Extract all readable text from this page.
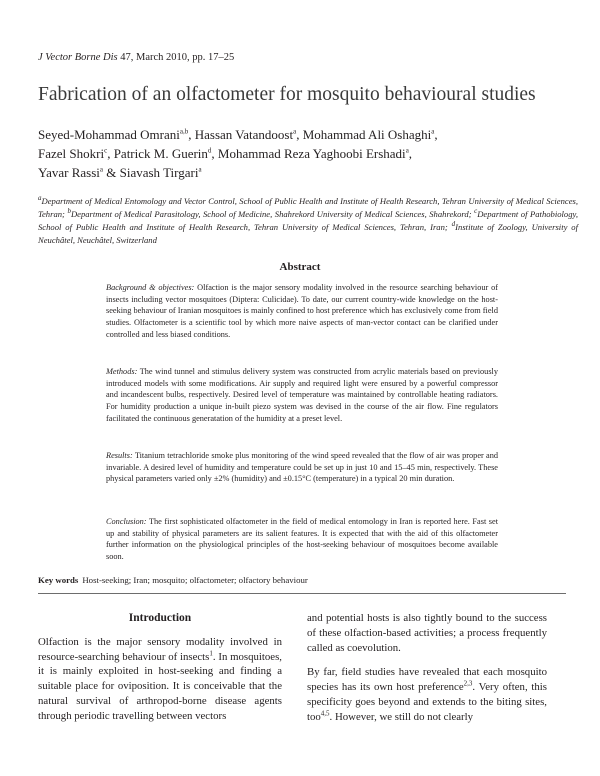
J Vector Borne Dis 47, March 2010, pp. 17–25
Fabrication of an olfactometer for mosquito behavioural studies
Seyed-Mohammad Omrani$^{a,b}$, Hassan Vatandoost$^a$, Mohammad Ali Oshaghi$^a$,
Fazel Shokri$^c$, Patrick M. Guerin$^d$, Mohammad Reza Yaghoobi Ershadi$^a$,
Yavar Rassi$^a$ & Siavash Tirgari$^a$
$^a$Department of Medical Entomology and Vector Control, School of Public Health and Institute of Health Research, Tehran University of Medical Sciences, Tehran; $^b$Department of Medical Parasitology, School of Medicine, Shahrekord University of Medical Sciences, Shahrekord; $^c$Department of Pathobiology, School of Public Health and Institute of Health Research, Tehran University of Medical Sciences, Tehran, Iran; $^d$Institute of Zoology, University of Neuchâtel, Neuchâtel, Switzerland
Abstract
Background & objectives: Olfaction is the major sensory modality involved in the resource searching behaviour of insects including vector mosquitoes (Diptera: Culicidae). To date, our current country-wide knowledge on the host-seeking behaviour of Iranian mosquitoes is mainly confined to host preference which has exclusively come from field studies. Olfactometer is a scientific tool by which more naive aspects of man-vector contact can be clarified under controlled and less biased conditions.
Methods: The wind tunnel and stimulus delivery system was constructed from acrylic materials based on previously introduced models with some modifications. Air supply and required light were ensured by a powerful compressor and incandescent bulbs, respectively. Desired level of temperature was maintained by controllable heating radiators. For humidity production a unique in-built piezo system was devised in the course of the air flow. Fine regulators facilitated the continuous generatation of the humidity at a preset level.
Results: Titanium tetrachloride smoke plus monitoring of the wind speed revealed that the flow of air was proper and invariable. A desired level of humidity and temperature could be set up in just 10 and 15–45 min, respectively. These physical parameters varied only ±2% (humidity) and ±0.15°C (temperature) in a typical 20 min duration.
Conclusion: The first sophisticated olfactometer in the field of medical entomology in Iran is reported here. Fast set up and stability of physical parameters are its salient features. It is expected that with the aid of this olfactometer further information on the physiological principles of the host-seeking behaviour of mosquitoes become available soon.
Key words Host-seeking; Iran; mosquito; olfactometer; olfactory behaviour
Introduction

Olfaction is the major sensory modality involved in resource-searching behaviour of insects$^1$. In mosquitoes, it is mainly exploited in host-seeking and finding a suitable place for oviposition. It is conceivable that the natural survival of arthropod-borne disease agents through periodic travelling between vectors

and potential hosts is also tightly bound to the success of these olfaction-based activities; a process frequently called as coevolution.

By far, field studies have revealed that each mosquito species has its own host preference$^{2,3}$. Very often, this specificity goes beyond and extends to the biting sites, too$^{4,5}$. However, we still do not clearly
